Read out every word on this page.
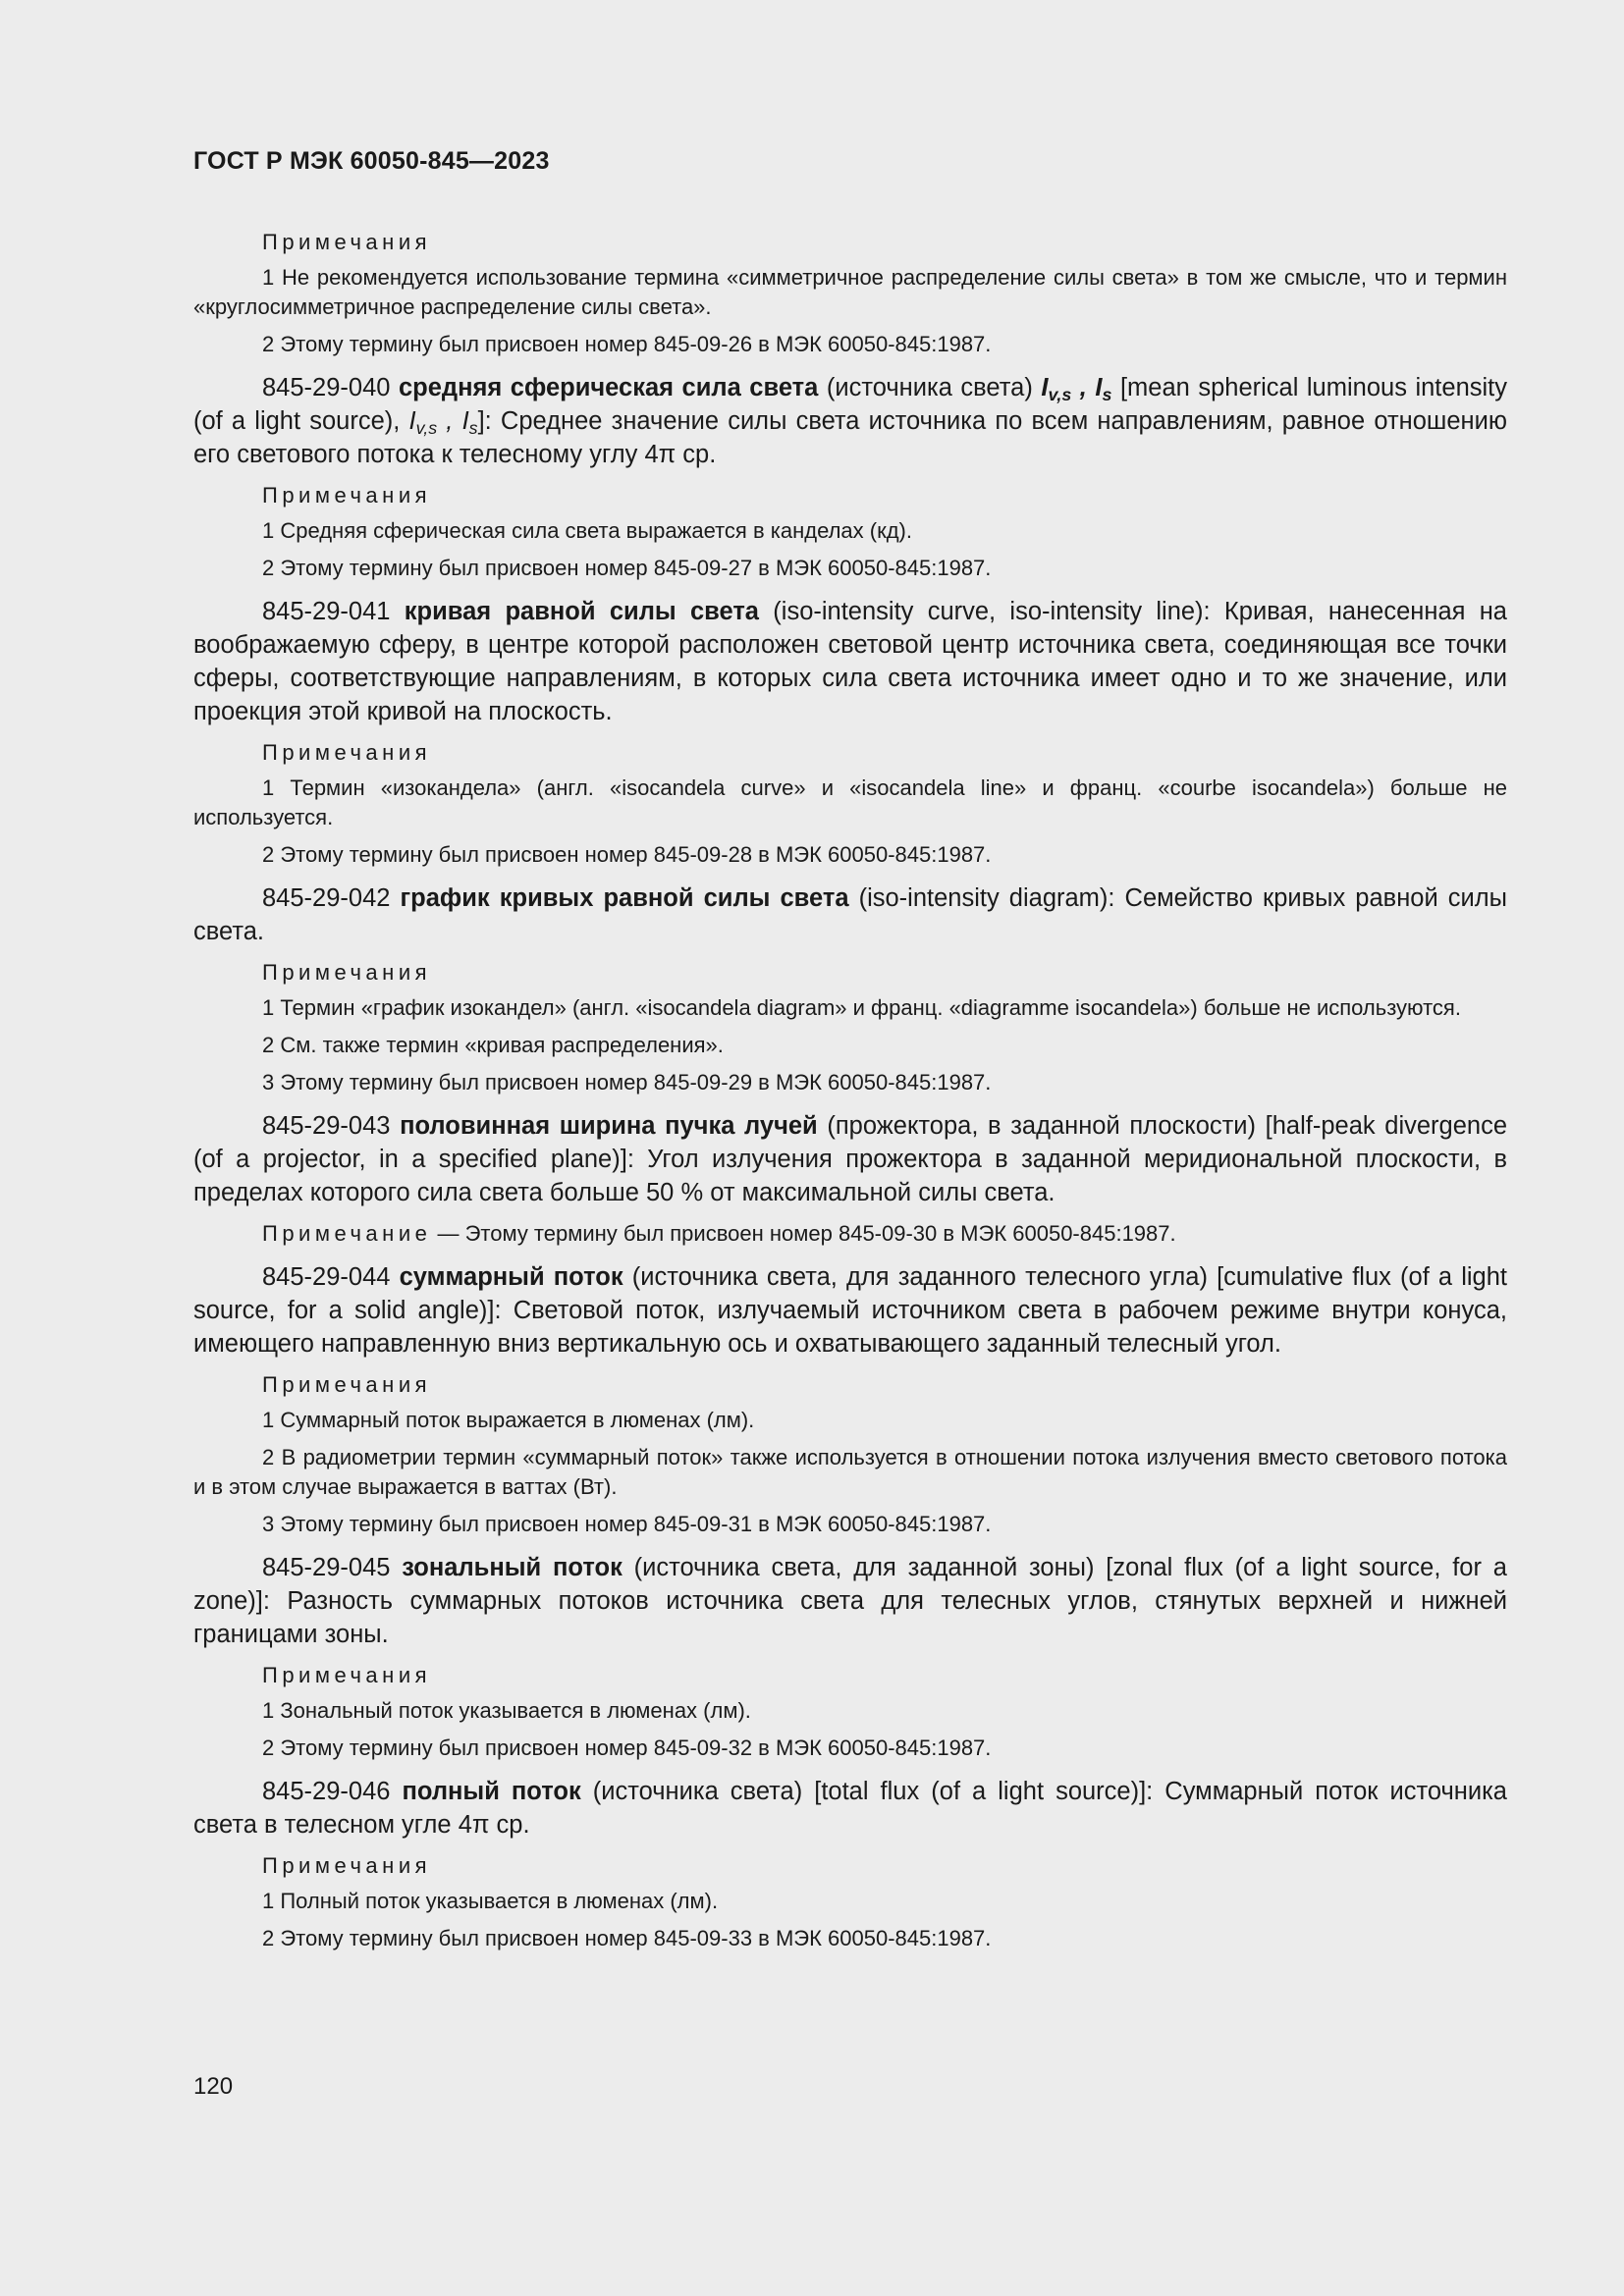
ГОСТ Р МЭК 60050-845—2023

Примечания

1 Не рекомендуется использование термина «симметричное распределение силы света» в том же смысле, что и термин «круглосимметричное распределение силы света».

2 Этому термину был присвоен номер 845-09-26 в МЭК 60050-845:1987.

845-29-040 средняя сферическая сила света (источника света) $I_{v,s}$ , $I_s$ [mean spherical luminous intensity (of a light source), $I_{v,s}$ , $I_s$]: Среднее значение силы света источника по всем направлениям, равное отношению его светового потока к телесному углу 4π ср.

Примечания

1 Средняя сферическая сила света выражается в канделах (кд).

2 Этому термину был присвоен номер 845-09-27 в МЭК 60050-845:1987.

845-29-041 кривая равной силы света (iso-intensity curve, iso-intensity line): Кривая, нанесенная на воображаемую сферу, в центре которой расположен световой центр источника света, соединяющая все точки сферы, соответствующие направлениям, в которых сила света источника имеет одно и то же значение, или проекция этой кривой на плоскость.

Примечания

1 Термин «изокандела» (англ. «isocandela curve» и «isocandela line» и франц. «courbe isocandela») больше не используется.

2 Этому термину был присвоен номер 845-09-28 в МЭК 60050-845:1987.

845-29-042 график кривых равной силы света (iso-intensity diagram): Семейство кривых равной силы света.

Примечания

1 Термин «график изокандел» (англ. «isocandela diagram» и франц. «diagramme isocandela») больше не используются.

2 См. также термин «кривая распределения».

3 Этому термину был присвоен номер 845-09-29 в МЭК 60050-845:1987.

845-29-043 половинная ширина пучка лучей (прожектора, в заданной плоскости) [half-peak divergence (of a projector, in a specified plane)]: Угол излучения прожектора в заданной меридиональной плоскости, в пределах которого сила света больше 50 % от максимальной силы света.

Примечание — Этому термину был присвоен номер 845-09-30 в МЭК 60050-845:1987.

845-29-044 суммарный поток (источника света, для заданного телесного угла) [cumulative flux (of a light source, for a solid angle)]: Световой поток, излучаемый источником света в рабочем режиме внутри конуса, имеющего направленную вниз вертикальную ось и охватывающего заданный телесный угол.

Примечания

1 Суммарный поток выражается в люменах (лм).

2 В радиометрии термин «суммарный поток» также используется в отношении потока излучения вместо светового потока и в этом случае выражается в ваттах (Вт).

3 Этому термину был присвоен номер 845-09-31 в МЭК 60050-845:1987.

845-29-045 зональный поток (источника света, для заданной зоны) [zonal flux (of a light source, for a zone)]: Разность суммарных потоков источника света для телесных углов, стянутых верхней и нижней границами зоны.

Примечания

1 Зональный поток указывается в люменах (лм).

2 Этому термину был присвоен номер 845-09-32 в МЭК 60050-845:1987.

845-29-046 полный поток (источника света) [total flux (of a light source)]: Суммарный поток источника света в телесном угле 4π ср.

Примечания

1 Полный поток указывается в люменах (лм).

2 Этому термину был присвоен номер 845-09-33 в МЭК 60050-845:1987.

120
